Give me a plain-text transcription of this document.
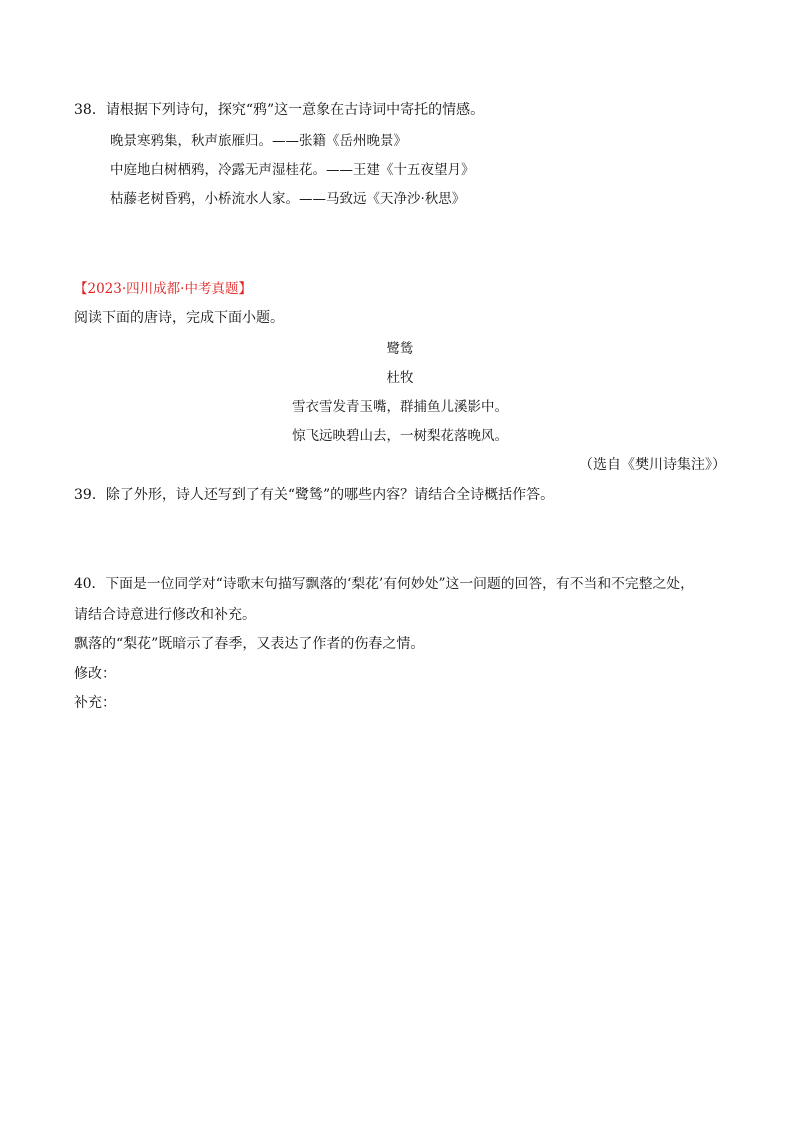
38．请根据下列诗句，探究“鸦”这一意象在古诗词中寄托的情感。
晚景寒鸦集，秋声旅雁归。——张籍《岳州晚景》
中庭地白树栖鸦，冷露无声湿桂花。——王建《十五夜望月》
枯藤老树昏鸦，小桥流水人家。——马致远《天净沙·秋思》
【2023·四川成都·中考真题】
阅读下面的唐诗，完成下面小题。
鹭鸶
杜牧
雪衣雪发青玉嘴，群捕鱼儿溪影中。
惊飞远映碧山去，一树梨花落晚风。
（选自《樊川诗集注》）
39．除了外形，诗人还写到了有关“鹭鸶”的哪些内容？请结合全诗概括作答。
40．下面是一位同学对“诗歌末句描写飘落的‘梨花’有何妙处”这一问题的回答，有不当和不完整之处，
请结合诗意进行修改和补充。
飘落的“梨花”既暗示了春季，又表达了作者的伤春之情。
修改：
补充：
